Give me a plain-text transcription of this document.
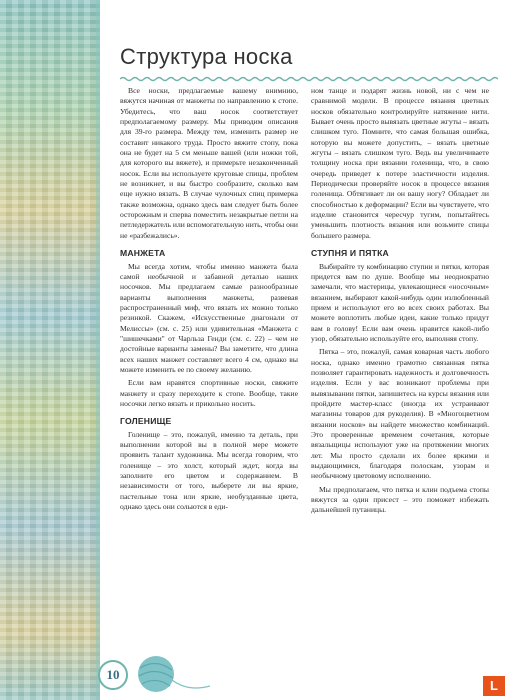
Структура носка

Все носки, предлагаемые вашему внимнию, вяжутся начиная от манжеты по направлению к стопе. Убедитесь, что ваш носок соответствует предполагаемому размеру. Мы приводим описания для 39-го размера. Между тем, изменить размер не составит никакого труда. Просто вяжите стопу, пока она не будет на 5 см меньше вашей (или ножки той, для которого вы вяжете), и примерьте незаконченный носок. Если вы используете круговые спицы, проблем не возникнет, и вы быстро сообразите, сколько вам еще нужно вязать. В случае чулочных спиц примерка также возможна, однако здесь вам следует быть более осторожным и сперва поместить незакрытые петли на петледержатель или вспомогательную нить, чтобы они не «разбежались».

МАНЖЕТА

Мы всегда хотим, чтобы именно манжета была самой необычной и забавной деталью наших носочков. Мы предлагаем самые разнообразные варианты выполнения манжеты, развевая распространенный миф, что вязать их можно только резинкой. Скажем, «Искусственные диагонали от Мелиссы» (см. с. 25) или удивительная «Манжета с "шишечками" от Чарльза Генди (см. с. 22) – чем не достойные варианты замены? Вы заметите, что длина всех наших манжет составляет всего 4 см, однако вы можете изменить ее по своему желанию.

Если вам нравятся спортивные носки, свяжите манжету и сразу переходите к стопе. Вообще, такие носочки легко вязать и прикольно носить.

ГОЛЕНИЩЕ

Голенище – это, пожалуй, именно та деталь, при выполнении которой вы в полной мере можете проявить талант художника. Мы всегда говорим, что голенище – это холст, который ждет, когда вы заполните его цветом и содержанием. В независимости от того, выберете ли вы яркие, пастельные тона или яркие, необузданные цвета, однако здесь они сольются в еди-

ном танце и подарят жизнь новой, ни с чем не сравнимой модели. В процессе вязания цветных носков обязательно контролируйте натяжение нити. Бывает очень просто вывязать цветные жгуты – вязать слишком туго. Помните, что самая большая ошибка, которую вы можете допустить, – вязать цветные жгуты – вязать слишком туго. Ведь вы увеличиваете толщину носка при вязании голенища, что, в свою очередь приведет к потере эластичности изделия. Периодически проверяйте носок в процессе вязания голенища. Обтягивает ли он вашу ногу? Обладает ли способностью к деформации? Если вы чувствуете, что изделие становится чересчур тугим, попытайтесь уменьшить плотность вязания или возьмите спицы большего размера.

СТУПНЯ И ПЯТКА

Выбирайте ту комбинацию ступни и пятки, которая придется вам по душе. Вообще мы неоднократно замечали, что мастерицы, увлекающиеся «носочным» вязанием, выбирают какой-нибудь один излюбленный прием и используют его во всех своих работах. Вы можете воплотить любые идеи, какие только придут вам в голову! Если вам очень нравится какой-либо узор, обязательно используйте его, выполняя стопу.

Пятка – это, пожалуй, самая коварная часть любого носка, однако именно грамотно связанная пятка позволяет гарантировать надежность и долговечность изделия. Если у вас возникают проблемы при вывязывании пятки, запишитесь на курсы вязания или пройдите мастер-класс (иногда их устраивают магазины товаров для рукоделия). В «Многоцветном вязании носков» вы найдете множество комбинаций. Это проверенные временем сочетания, которые вязальщицы используют уже на протяжении многих лет. Мы просто сделали их более яркими и выдающимися, благодаря полоскам, узорам и необычному цветовому исполнению.

Мы предполагаем, что пятка и клин подъема стопы вяжутся за один присест – это поможет избежать дальнейшей путаницы.

10
L
